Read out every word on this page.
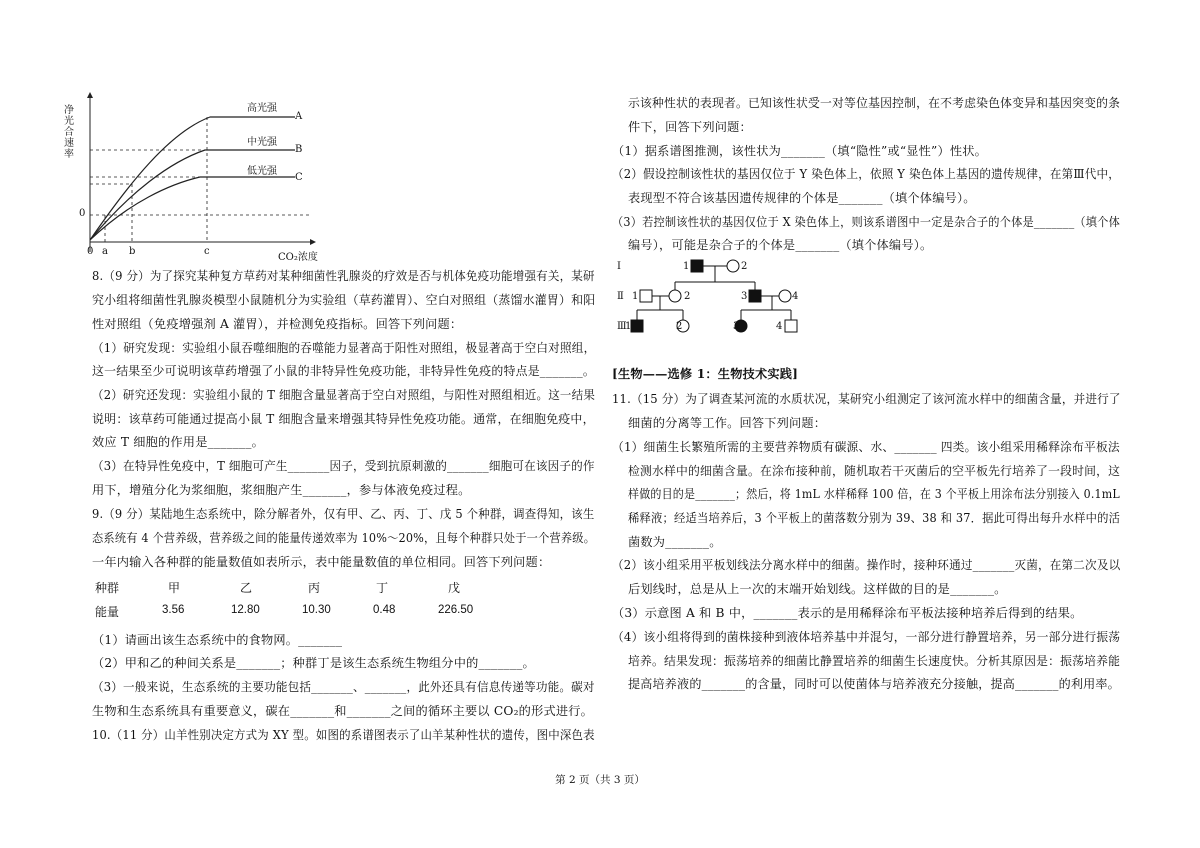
净光合速率
0
0 a b	c
CO₂浓度
高光强
A
中光强
B
低光强
C
8.（9 分）为了探究某种复方草药对某种细菌性乳腺炎的疗效是否与机体免疫功能增强有关，某研
究小组将细菌性乳腺炎模型小鼠随机分为实验组（草药灌胃）、空白对照组（蒸馏水灌胃）和阳
性对照组（免疫增强剂 A 灌胃），并检测免疫指标。回答下列问题：
（1）研究发现：实验组小鼠吞噬细胞的吞噬能力显著高于阳性对照组，极显著高于空白对照组，
这一结果至少可说明该草药增强了小鼠的非特异性免疫功能，非特异性免疫的特点是_______。
（2）研究还发现：实验组小鼠的 T 细胞含量显著高于空白对照组，与阳性对照组相近。这一结果
说明：该草药可能通过提高小鼠 T 细胞含量来增强其特异性免疫功能。通常，在细胞免疫中，
效应 T 细胞的作用是_______。
（3）在特异性免疫中，T 细胞可产生_______因子，受到抗原刺激的_______细胞可在该因子的作
用下，增殖分化为浆细胞，浆细胞产生_______，参与体液免疫过程。
9.（9 分）某陆地生态系统中，除分解者外，仅有甲、乙、丙、丁、戊 5 个种群，调查得知，该生
态系统有 4 个营养级，营养级之间的能量传递效率为 10%～20%，且每个种群只处于一个营养级。
一年内输入各种群的能量数值如表所示，表中能量数值的单位相同。回答下列问题：
种群	甲	乙	丙	丁	戊
能量	3.56	12.80	10.30	0.48	226.50
（1）请画出该生态系统中的食物网。_______
（2）甲和乙的种间关系是_______；种群丁是该生态系统生物组分中的_______。
（3）一般来说，生态系统的主要功能包括_______、_______，此外还具有信息传递等功能。碳对
生物和生态系统具有重要意义，碳在_______和_______之间的循环主要以 CO₂的形式进行。
10.（11 分）山羊性别决定方式为 XY 型。如图的系谱图表示了山羊某种性状的遗传，图中深色表
示该种性状的表现者。已知该性状受一对等位基因控制，在不考虑染色体变异和基因突变的条
件下，回答下列问题：
（1）据系谱图推测，该性状为_______（填“隐性”或“显性”）性状。
（2）假设控制该性状的基因仅位于 Y 染色体上，依照 Y 染色体上基因的遗传规律，在第Ⅲ代中，
表现型不符合该基因遗传规律的个体是_______（填个体编号）。
（3）若控制该性状的基因仅位于 X 染色体上，则该系谱图中一定是杂合子的个体是_______（填个体
编号），可能是杂合子的个体是_______（填个体编号）。
Ⅰ
Ⅱ
Ⅲ
1	2
1	2	3	4
1	2	3	4
[生物——选修 1：生物技术实践]
11.（15 分）为了调查某河流的水质状况，某研究小组测定了该河流水样中的细菌含量，并进行了
细菌的分离等工作。回答下列问题：
（1）细菌生长繁殖所需的主要营养物质有碳源、水、_______ 四类。该小组采用稀释涂布平板法
检测水样中的细菌含量。在涂布接种前，随机取若干灭菌后的空平板先行培养了一段时间，这
样做的目的是_______；然后，将 1mL 水样稀释 100 倍，在 3 个平板上用涂布法分别接入 0.1mL
稀释液；经适当培养后，3 个平板上的菌落数分别为 39、38 和 37．据此可得出每升水样中的活
菌数为_______。
（2）该小组采用平板划线法分离水样中的细菌。操作时，接种环通过_______灭菌，在第二次及以
后划线时，总是从上一次的末端开始划线。这样做的目的是_______。
（3）示意图 A 和 B 中，_______表示的是用稀释涂布平板法接种培养后得到的结果。
（4）该小组将得到的菌株接种到液体培养基中并混匀，一部分进行静置培养，另一部分进行振荡
培养。结果发现：振荡培养的细菌比静置培养的细菌生长速度快。分析其原因是：振荡培养能
提高培养液的_______的含量，同时可以使菌体与培养液充分接触，提高_______的利用率。
第 2 页（共 3 页）
